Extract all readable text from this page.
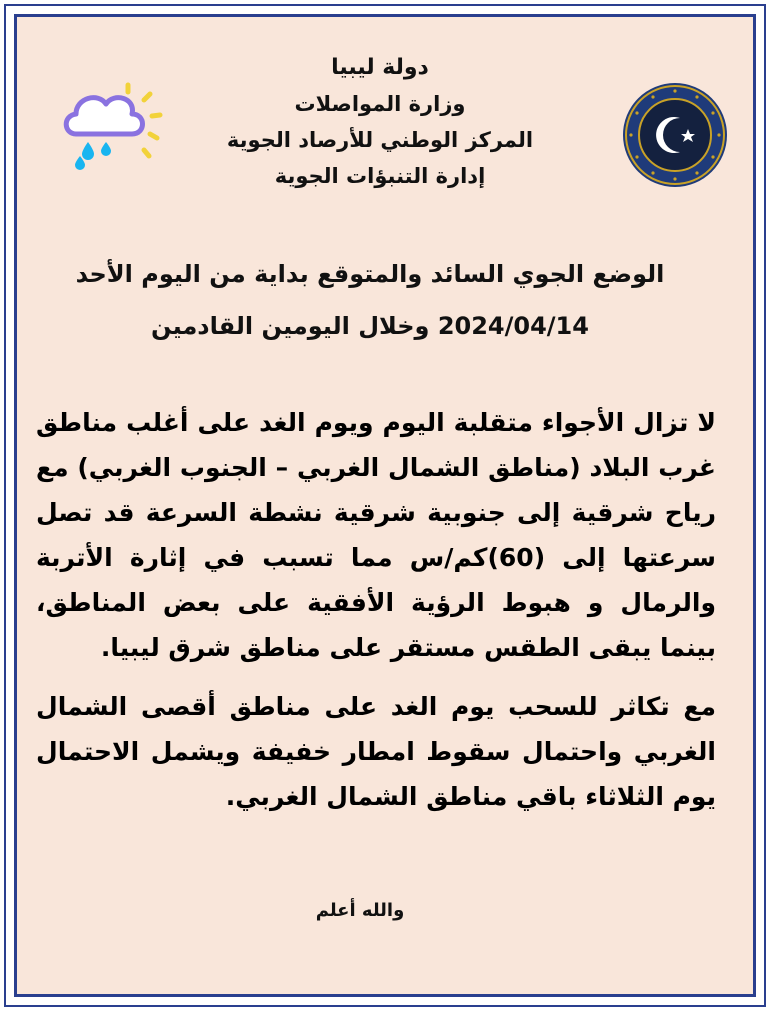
دولة ليبيا
وزارة المواصلات
المركز الوطني للأرصاد الجوية
إدارة التنبؤات الجوية
الوضع الجوي السائد والمتوقع بداية من اليوم الأحد
2024/04/14 وخلال اليومين القادمين

لا تزال الأجواء متقلبة اليوم ويوم الغد على أغلب مناطق غرب البلاد (مناطق الشمال الغربي – الجنوب الغربي) مع رياح شرقية إلى جنوبية شرقية نشطة السرعة قد تصل سرعتها إلى (60)كم/س مما تسبب في إثارة الأتربة والرمال و هبوط الرؤية الأفقية على بعض المناطق، بينما يبقى الطقس مستقر على مناطق شرق ليبيا.

مع تكاثر للسحب يوم الغد على مناطق أقصى الشمال الغربي واحتمال سقوط امطار خفيفة ويشمل الاحتمال يوم الثلاثاء باقي مناطق الشمال الغربي.

والله أعلم
